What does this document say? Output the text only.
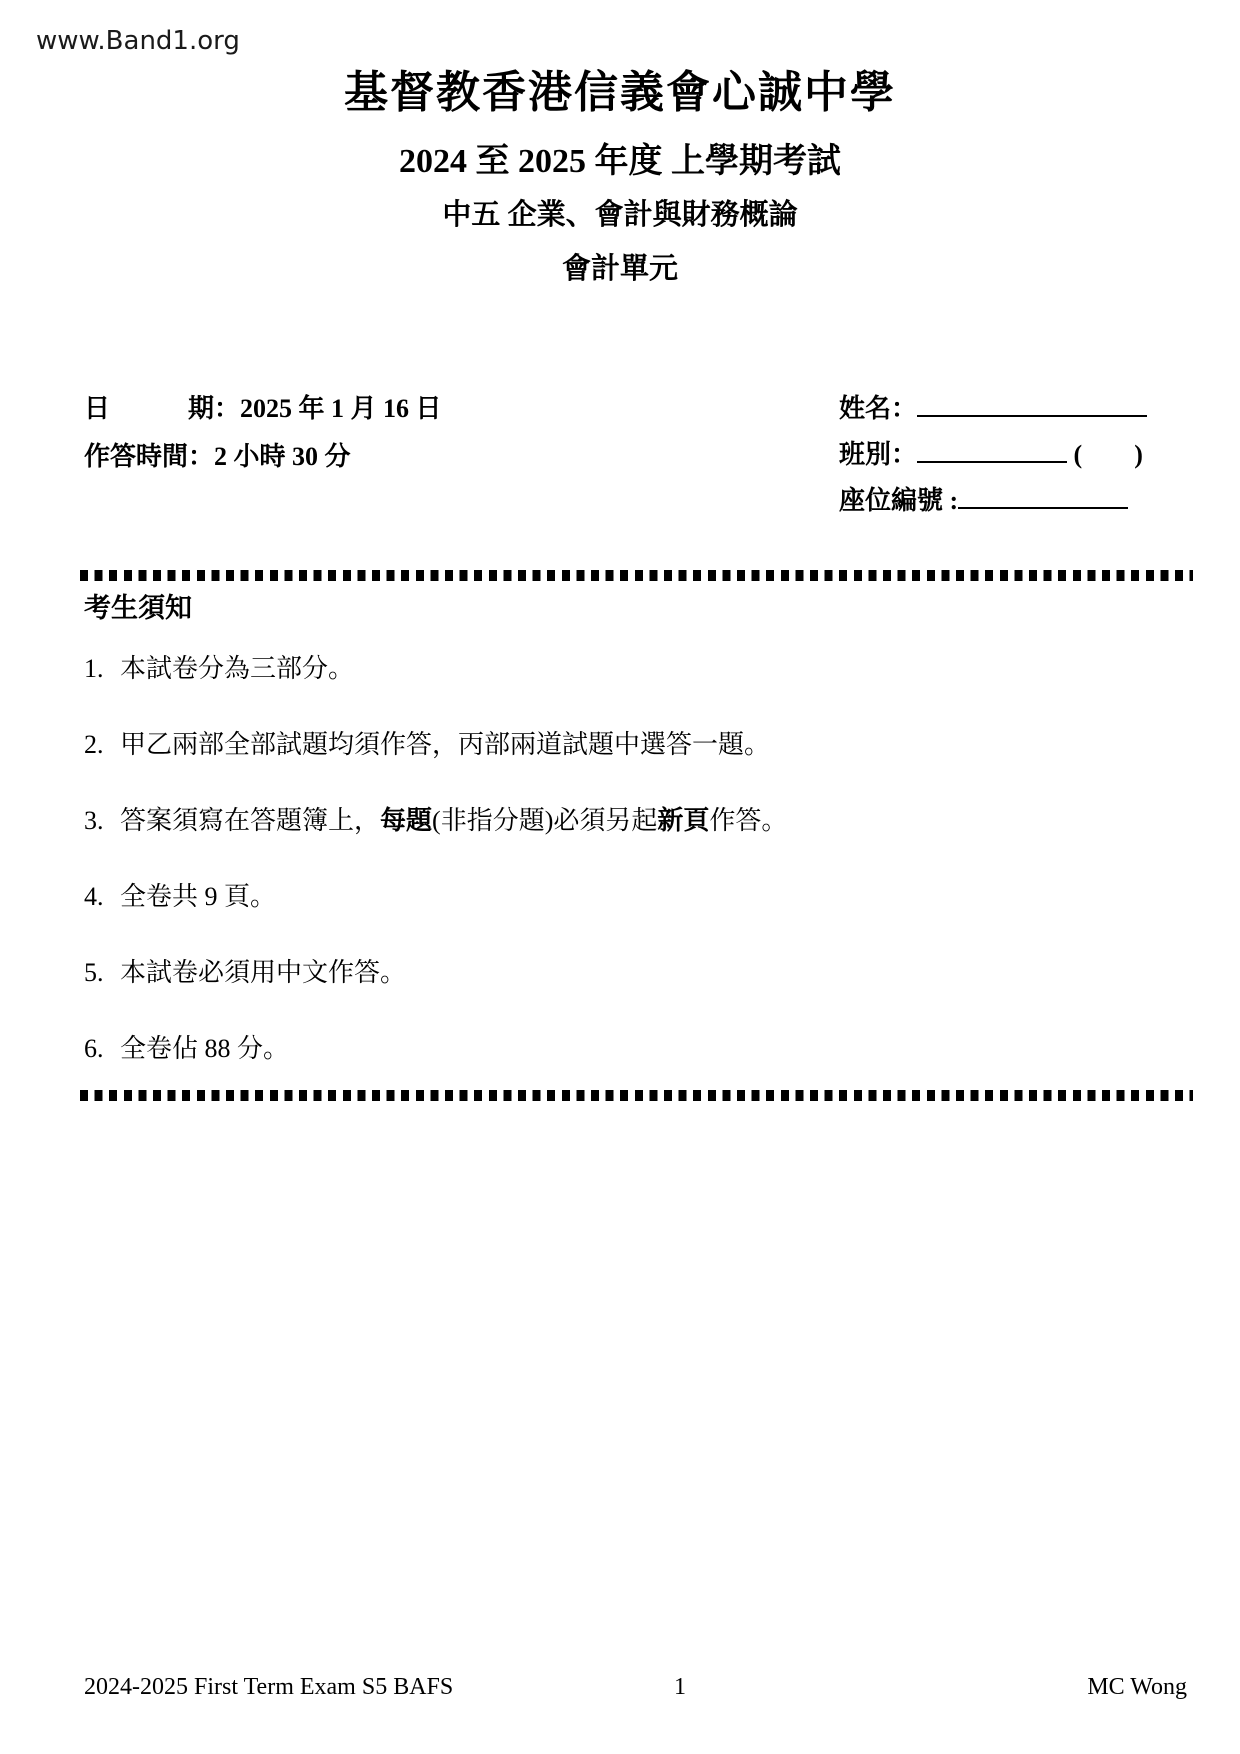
www.Band1.org
基督教香港信義會心誠中學
2024 至 2025 年度 上學期考試
中五 企業、會計與財務概論
會計單元
日	期：2025 年 1 月 16 日
作答時間：2 小時 30 分
姓名：
班別：	( )
座位編號 :
考生須知
1. 本試卷分為三部分。
2. 甲乙兩部全部試題均須作答，丙部兩道試題中選答一題。
3. 答案須寫在答題簿上，每題(非指分題)必須另起新頁作答。
4. 全卷共 9 頁。
5. 本試卷必須用中文作答。
6. 全卷佔 88 分。
2024-2025 First Term Exam S5 BAFS	1	MC Wong
